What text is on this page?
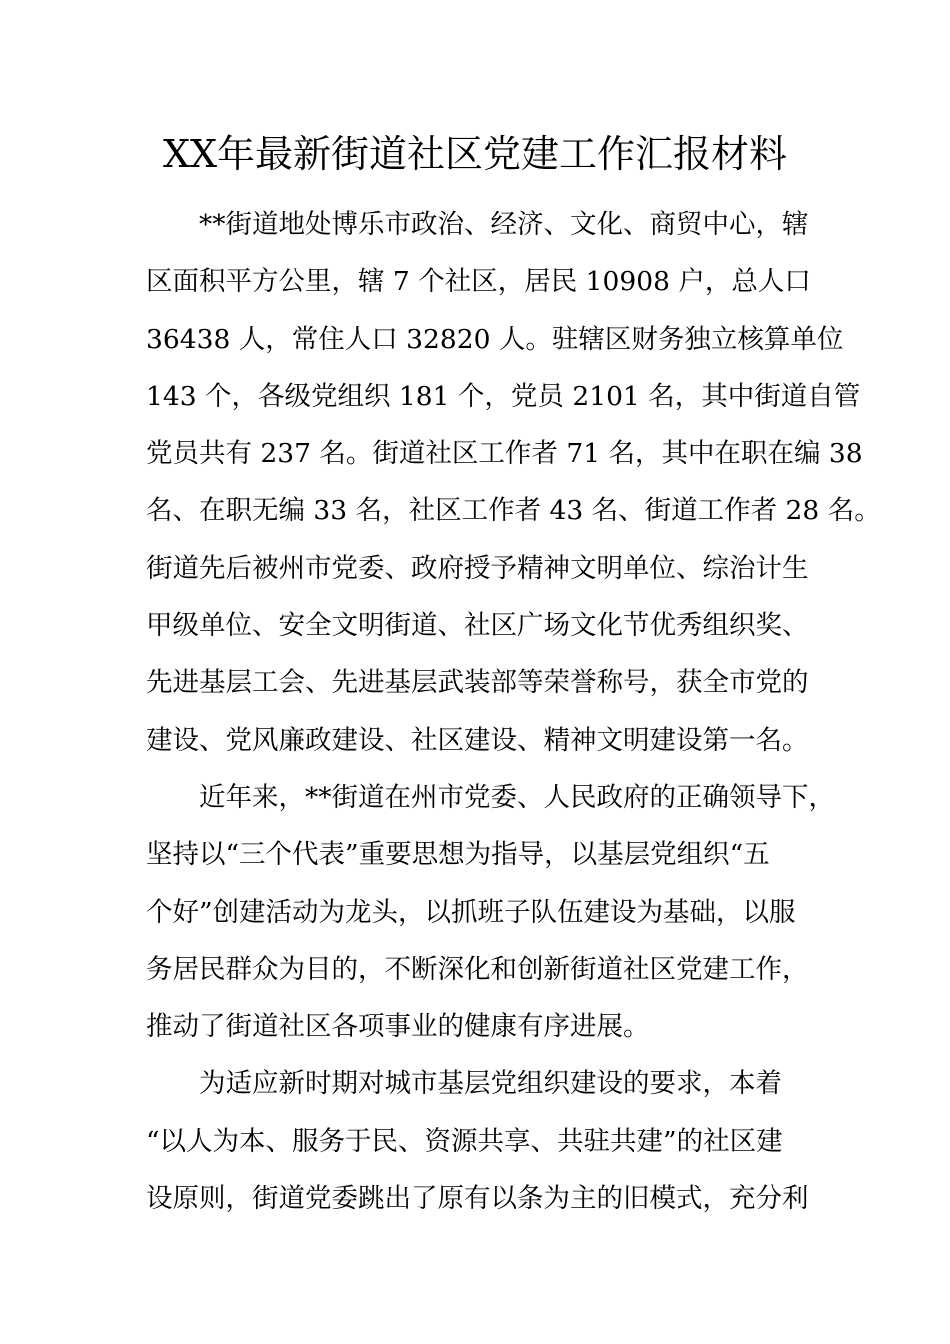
XX年最新街道社区党建工作汇报材料
**街道地处博乐市政治、经济、文化、商贸中心，辖
区面积平方公里，辖 7 个社区，居民 10908 户，总人口
36438 人，常住人口 32820 人。驻辖区财务独立核算单位
143 个，各级党组织 181 个，党员 2101 名，其中街道自管
党员共有 237 名。街道社区工作者 71 名，其中在职在编 38
名、在职无编 33 名，社区工作者 43 名、街道工作者 28 名。
街道先后被州市党委、政府授予精神文明单位、综治计生
甲级单位、安全文明街道、社区广场文化节优秀组织奖、
先进基层工会、先进基层武装部等荣誉称号，获全市党的
建设、党风廉政建设、社区建设、精神文明建设第一名。
近年来，**街道在州市党委、人民政府的正确领导下，
坚持以“三个代表”重要思想为指导，以基层党组织“五
个好”创建活动为龙头，以抓班子队伍建设为基础，以服
务居民群众为目的，不断深化和创新街道社区党建工作，
推动了街道社区各项事业的健康有序进展。
为适应新时期对城市基层党组织建设的要求，本着
“以人为本、服务于民、资源共享、共驻共建”的社区建
设原则，街道党委跳出了原有以条为主的旧模式，充分利
